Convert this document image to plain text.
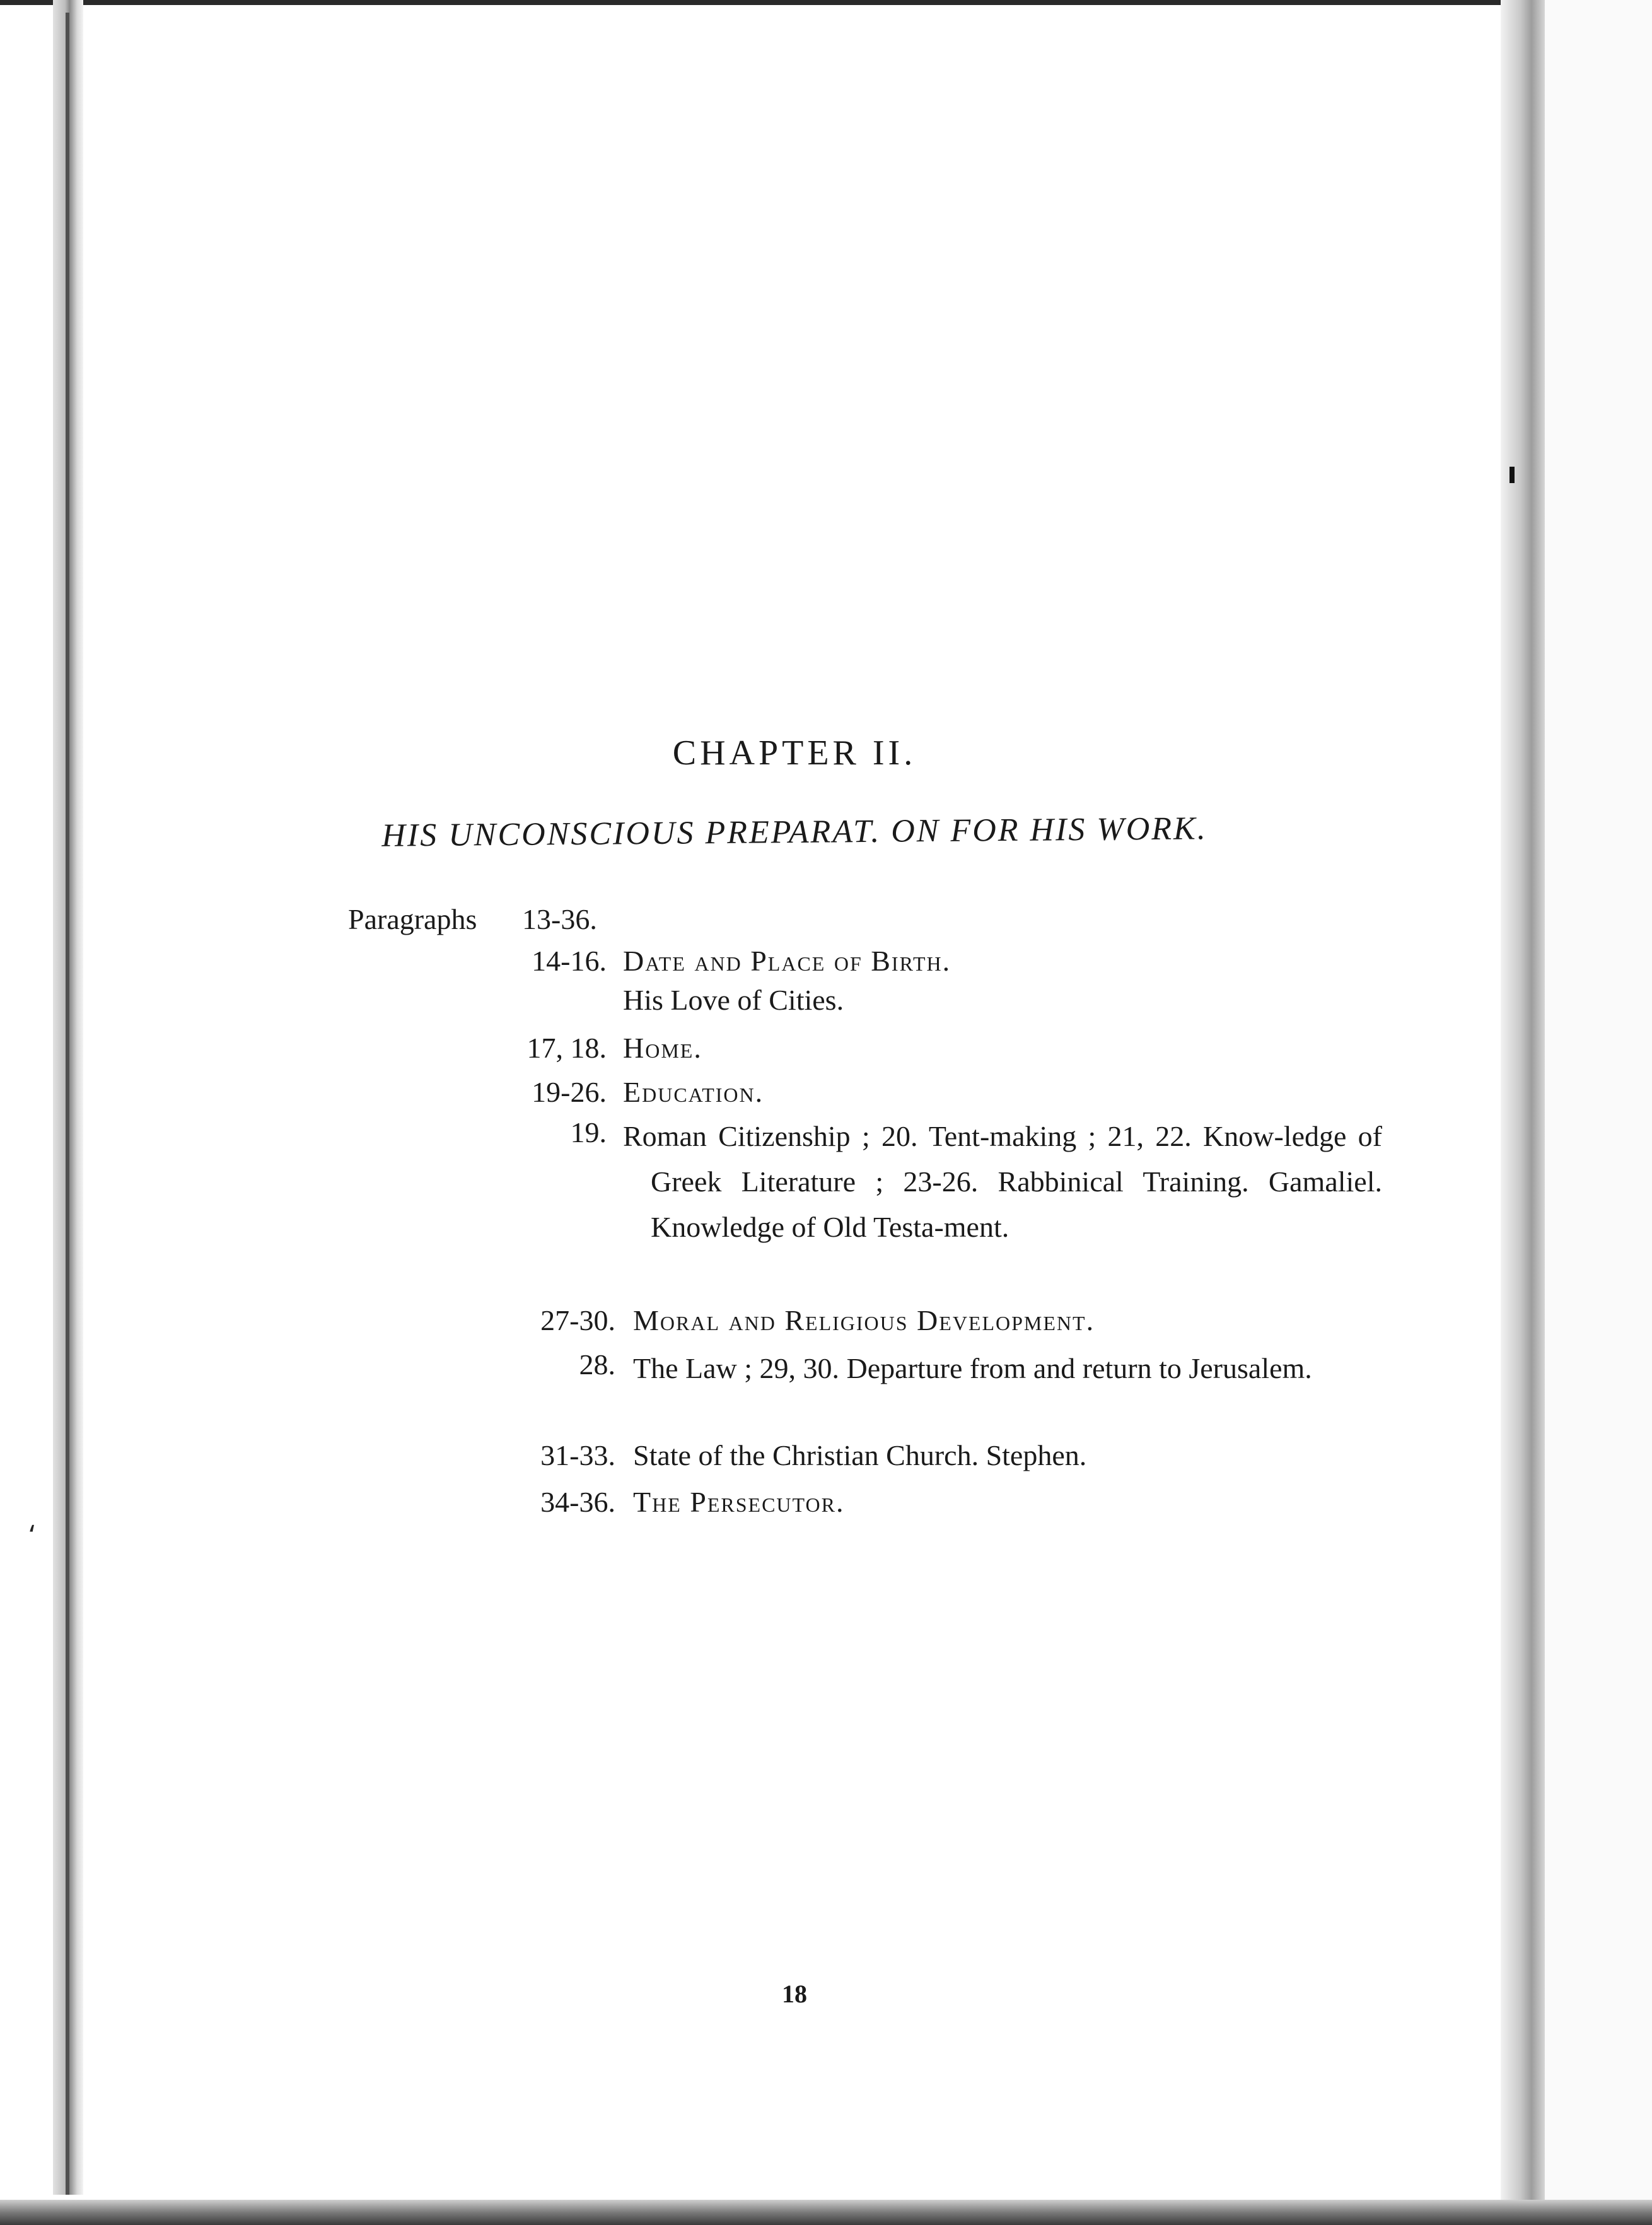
⸲
CHAPTER II.
HIS UNCONSCIOUS PREPARAT. ON FOR HIS WORK.
Paragraphs 13-36.
14-16. Date and Place of Birth.
His Love of Cities.
17, 18. Home.
19-26. Education.
19. Roman Citizenship ; 20. Tent-making ; 21, 22. Know-ledge of Greek Literature ; 23-26. Rabbinical Training. Gamaliel. Knowledge of Old Testa-ment.
27-30. Moral and Religious Development.
28. The Law ; 29, 30. Departure from and return to Jerusalem.
31-33. State of the Christian Church. Stephen.
34-36. The Persecutor.
18
